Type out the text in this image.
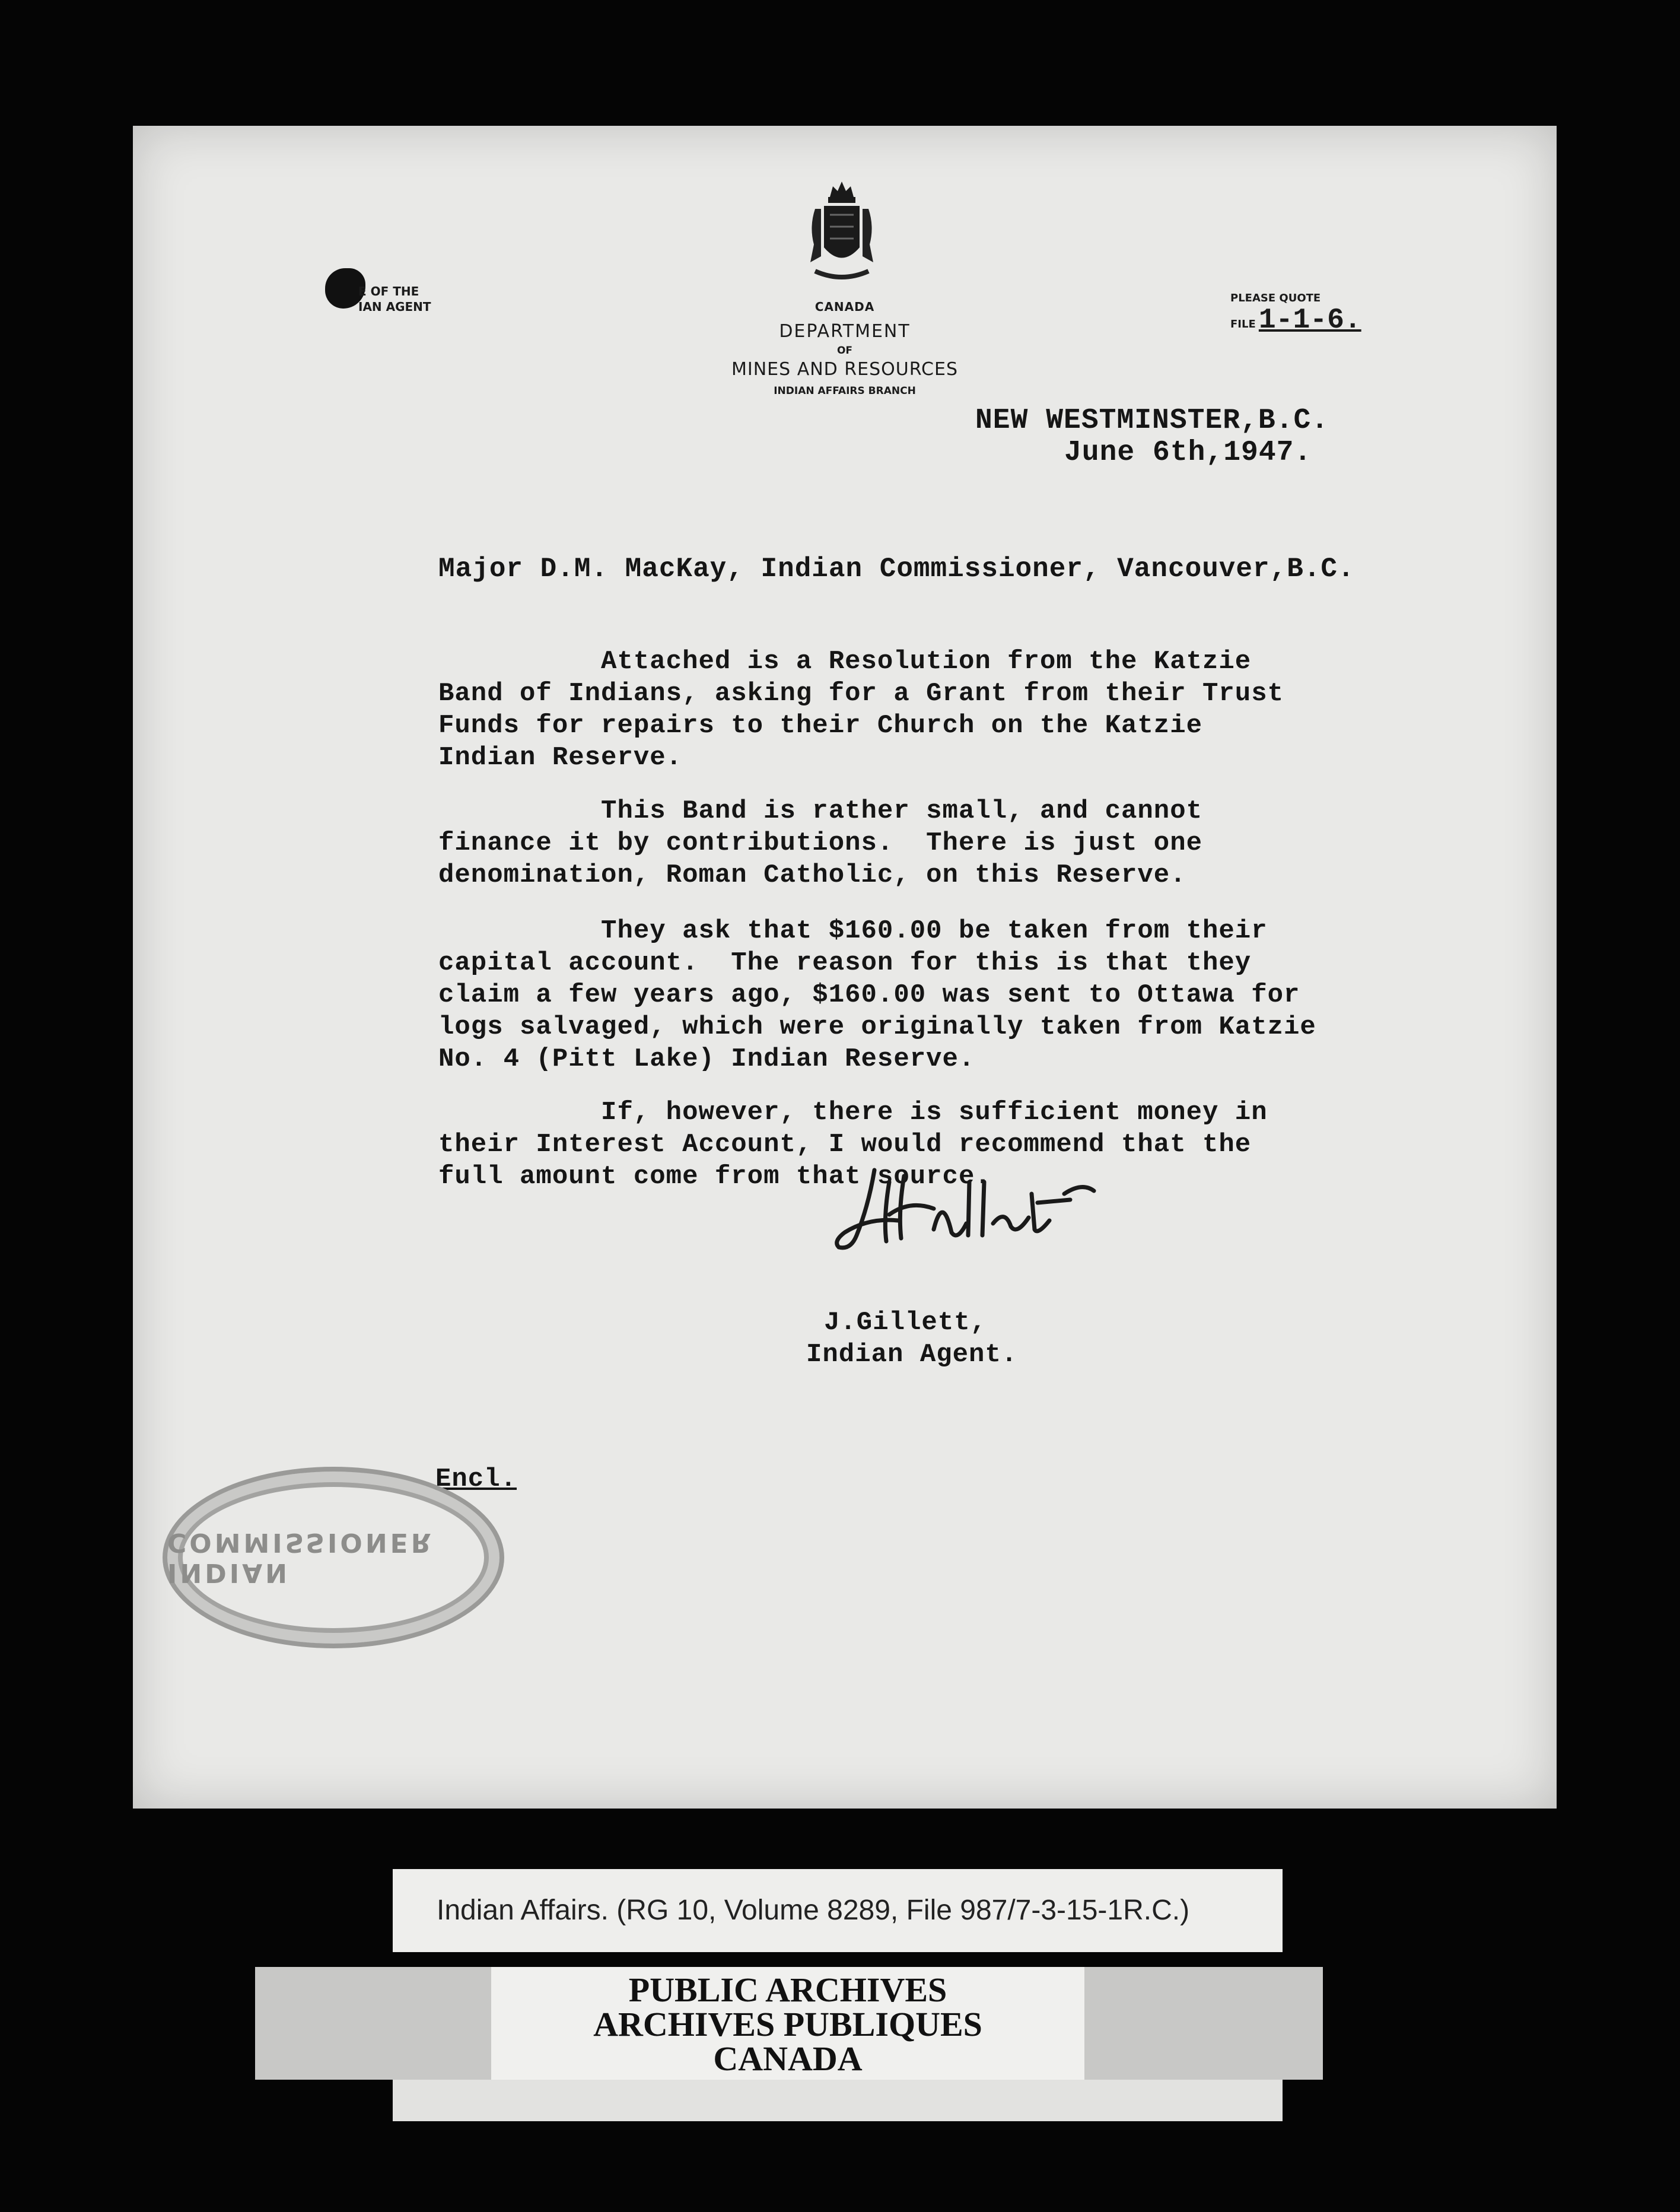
E OF THE
IAN AGENT	CANADA
DEPARTMENT
OF
MINES AND RESOURCES
INDIAN AFFAIRS BRANCH
PLEASE QUOTE
FILE 1-1-6.
NEW WESTMINSTER,B.C.
June 6th,1947.
Major D.M. MacKay, Indian Commissioner, Vancouver,B.C.
Attached is a Resolution from the Katzie
Band of Indians, asking for a Grant from their Trust
Funds for repairs to their Church on the Katzie
Indian Reserve.
This Band is rather small, and cannot
finance it by contributions.  There is just one
denomination, Roman Catholic, on this Reserve.
They ask that $160.00 be taken from their
capital account.  The reason for this is that they
claim a few years ago, $160.00 was sent to Ottawa for
logs salvaged, which were originally taken from Katzie
No. 4 (Pitt Lake) Indian Reserve.
If, however, there is sufficient money in
their Interest Account, I would recommend that the
full amount come from that source.
J.Gillett,
Indian Agent.
Encl.
INDIAN COMMISSIONER
Indian Affairs. (RG 10, Volume 8289, File 987/7-3-15-1R.C.)
PUBLIC ARCHIVES
ARCHIVES PUBLIQUES
CANADA
